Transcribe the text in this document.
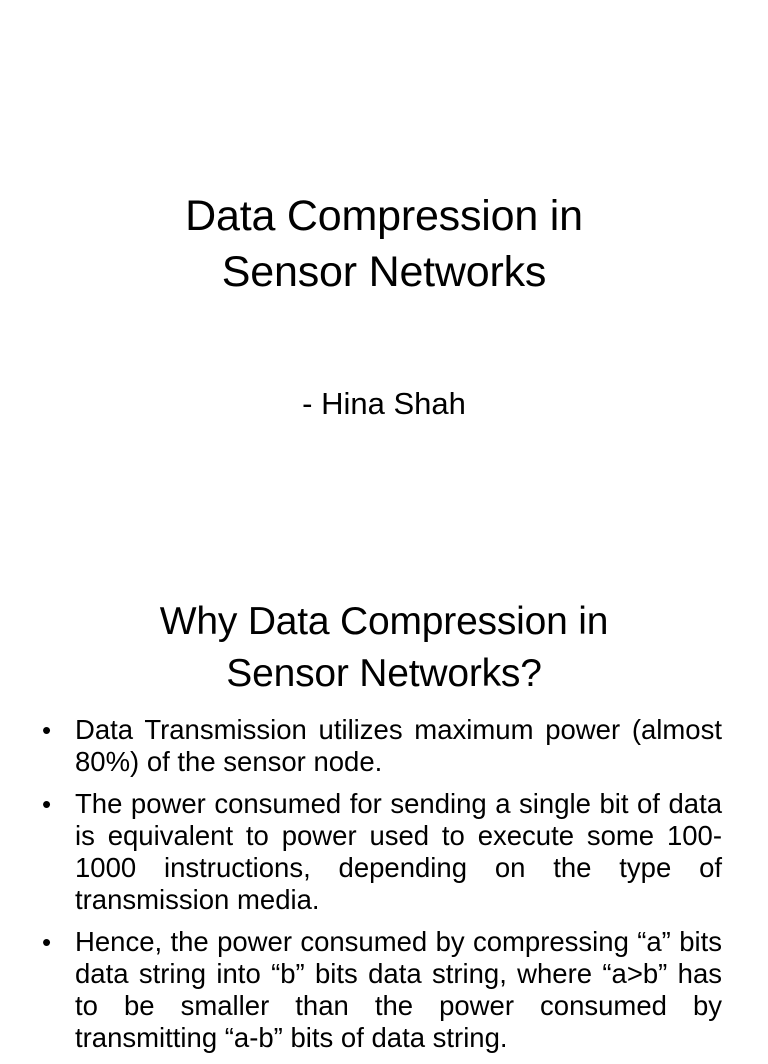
Data Compression in
Sensor Networks
- Hina Shah
Why Data Compression in
Sensor Networks?
• Data Transmission utilizes maximum power (almost 80%) of the sensor node.
• The power consumed for sending a single bit of data is equivalent to power used to execute some 100-1000 instructions, depending on the type of transmission media.
• Hence, the power consumed by compressing “a” bits data string into “b” bits data string, where “a>b” has to be smaller than the power consumed by transmitting “a-b” bits of data string.
